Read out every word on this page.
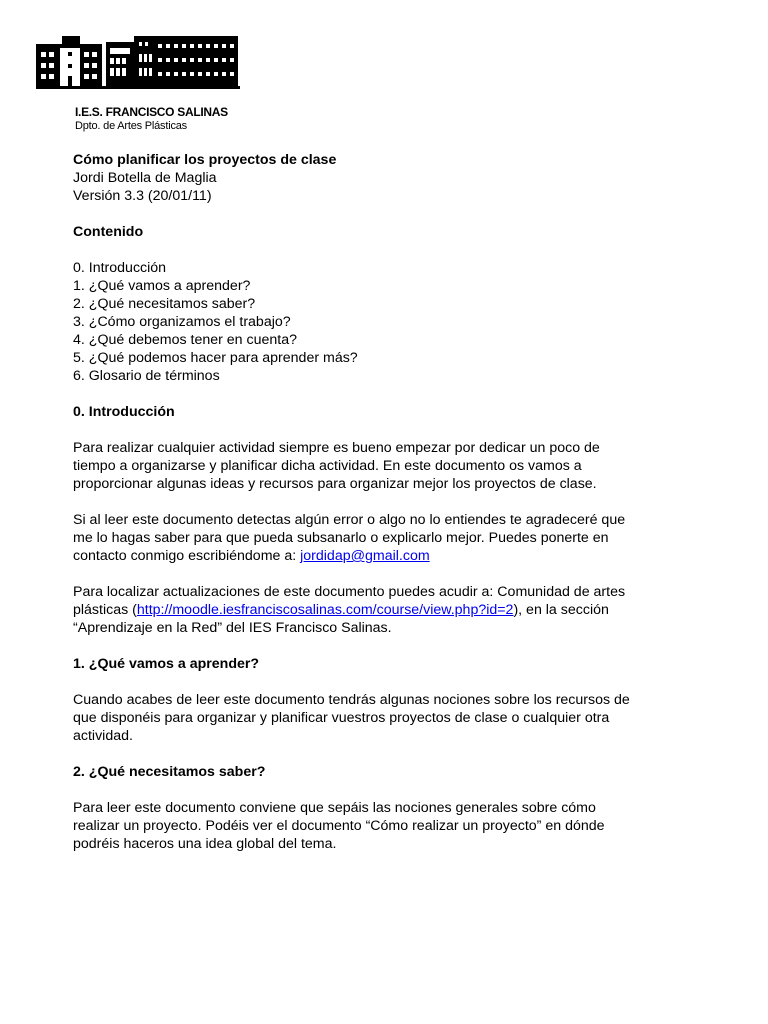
I.E.S. FRANCISCO SALINAS
Dpto. de Artes Plásticas
Cómo planificar los proyectos de clase
Jordi Botella de Maglia
Versión 3.3 (20/01/11)
Contenido
0. Introducción
1. ¿Qué vamos a aprender?
2. ¿Qué necesitamos saber?
3. ¿Cómo organizamos el trabajo?
4. ¿Qué debemos tener en cuenta?
5. ¿Qué podemos hacer para aprender más?
6. Glosario de términos
0. Introducción
Para realizar cualquier actividad siempre es bueno empezar por dedicar un poco de
tiempo a organizarse y planificar dicha actividad. En este documento os vamos a
proporcionar algunas ideas y recursos para organizar mejor los proyectos de clase.
Si al leer este documento detectas algún error o algo no lo entiendes te agradeceré que
me lo hagas saber para que pueda subsanarlo o explicarlo mejor. Puedes ponerte en
contacto conmigo escribiéndome a: jordidap@gmail.com
Para localizar actualizaciones de este documento puedes acudir a: Comunidad de artes
plásticas (http://moodle.iesfranciscosalinas.com/course/view.php?id=2), en la sección
“Aprendizaje en la Red” del IES Francisco Salinas.
1. ¿Qué vamos a aprender?
Cuando acabes de leer este documento tendrás algunas nociones sobre los recursos de
que disponéis para organizar y planificar vuestros proyectos de clase o cualquier otra
actividad.
2. ¿Qué necesitamos saber?
Para leer este documento conviene que sepáis las nociones generales sobre cómo
realizar un proyecto. Podéis ver el documento “Cómo realizar un proyecto” en dónde
podréis haceros una idea global del tema.
